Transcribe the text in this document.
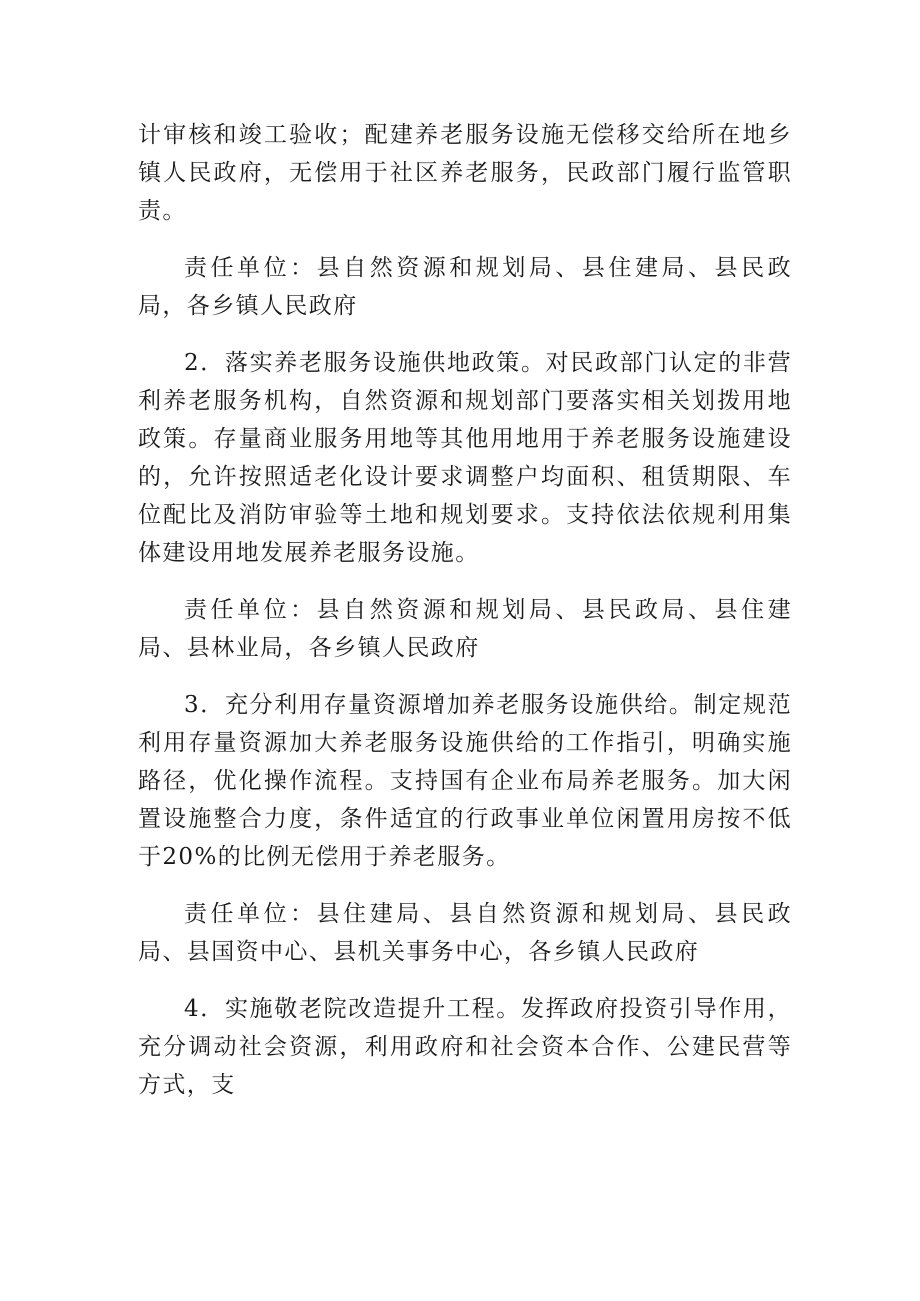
计审核和竣工验收；配建养老服务设施无偿移交给所在地乡镇人民政府，无偿用于社区养老服务，民政部门履行监管职责。

责任单位：县自然资源和规划局、县住建局、县民政局，各乡镇人民政府

2．落实养老服务设施供地政策。对民政部门认定的非营利养老服务机构，自然资源和规划部门要落实相关划拨用地政策。存量商业服务用地等其他用地用于养老服务设施建设的，允许按照适老化设计要求调整户均面积、租赁期限、车位配比及消防审验等土地和规划要求。支持依法依规利用集体建设用地发展养老服务设施。

责任单位：县自然资源和规划局、县民政局、县住建局、县林业局，各乡镇人民政府

3．充分利用存量资源增加养老服务设施供给。制定规范利用存量资源加大养老服务设施供给的工作指引，明确实施路径，优化操作流程。支持国有企业布局养老服务。加大闲置设施整合力度，条件适宜的行政事业单位闲置用房按不低于20%的比例无偿用于养老服务。

责任单位：县住建局、县自然资源和规划局、县民政局、县国资中心、县机关事务中心，各乡镇人民政府

4．实施敬老院改造提升工程。发挥政府投资引导作用，充分调动社会资源，利用政府和社会资本合作、公建民营等方式，支
